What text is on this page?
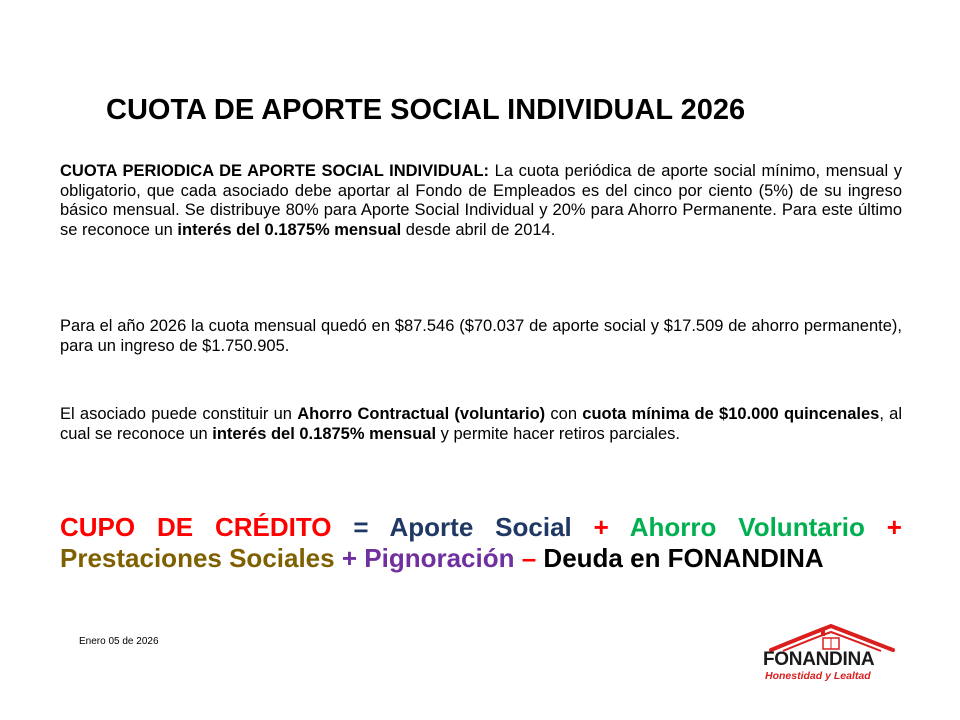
CUOTA DE APORTE SOCIAL INDIVIDUAL 2026
CUOTA PERIODICA DE APORTE SOCIAL INDIVIDUAL: La cuota periódica de aporte social mínimo, mensual y obligatorio, que cada asociado debe aportar al Fondo de Empleados es del cinco por ciento (5%) de su ingreso básico mensual. Se distribuye 80% para Aporte Social Individual y 20% para Ahorro Permanente. Para este último se reconoce un interés del 0.1875% mensual desde abril de 2014.
Para el año 2026 la cuota mensual quedó en $87.546 ($70.037 de aporte social y $17.509 de ahorro permanente), para un ingreso de $1.750.905.
El asociado puede constituir un Ahorro Contractual (voluntario) con cuota mínima de $10.000 quincenales, al cual se reconoce un interés del 0.1875% mensual y permite hacer retiros parciales.
CUPO DE CRÉDITO = Aporte Social + Ahorro Voluntario + Prestaciones Sociales + Pignoración – Deuda en FONANDINA
Enero 05 de 2026
FONANDINA
Honestidad y Lealtad
